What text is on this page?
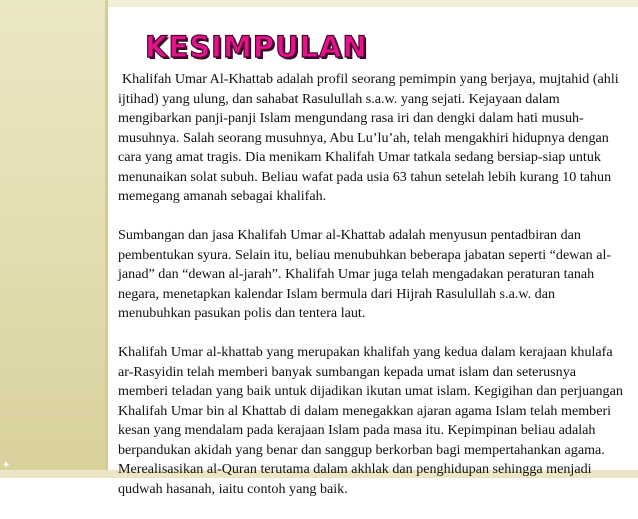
✦
KESIMPULAN

Khalifah Umar Al-Khattab adalah profil seorang pemimpin yang berjaya, mujtahid (ahli ijtihad) yang ulung, dan sahabat Rasulullah s.a.w. yang sejati. Kejayaan dalam mengibarkan panji-panji Islam mengundang rasa iri dan dengki dalam hati musuh-musuhnya. Salah seorang musuhnya, Abu Lu’lu’ah, telah mengakhiri hidupnya dengan cara yang amat tragis. Dia menikam Khalifah Umar tatkala sedang bersiap-siap untuk menunaikan solat subuh. Beliau wafat pada usia 63 tahun setelah lebih kurang 10 tahun memegang amanah sebagai khalifah.

Sumbangan dan jasa Khalifah Umar al-Khattab adalah menyusun pentadbiran dan pembentukan syura. Selain itu, beliau menubuhkan beberapa jabatan seperti “dewan al-janad” dan “dewan al-jarah”. Khalifah Umar juga telah mengadakan peraturan tanah negara, menetapkan kalendar Islam bermula dari Hijrah Rasulullah s.a.w. dan menubuhkan pasukan polis dan tentera laut.

Khalifah Umar al-khattab yang merupakan khalifah yang kedua dalam kerajaan khulafa ar-Rasyidin telah memberi banyak sumbangan kepada umat islam dan seterusnya memberi teladan yang baik untuk dijadikan ikutan umat islam. Kegigihan dan perjuangan Khalifah Umar bin al Khattab di dalam menegakkan ajaran agama Islam telah memberi kesan yang mendalam pada kerajaan Islam pada masa itu. Kepimpinan beliau adalah berpandukan akidah yang benar dan sanggup berkorban bagi mempertahankan agama. Merealisasikan al-Quran terutama dalam akhlak dan penghidupan sehingga menjadi qudwah hasanah, iaitu contoh yang baik.
